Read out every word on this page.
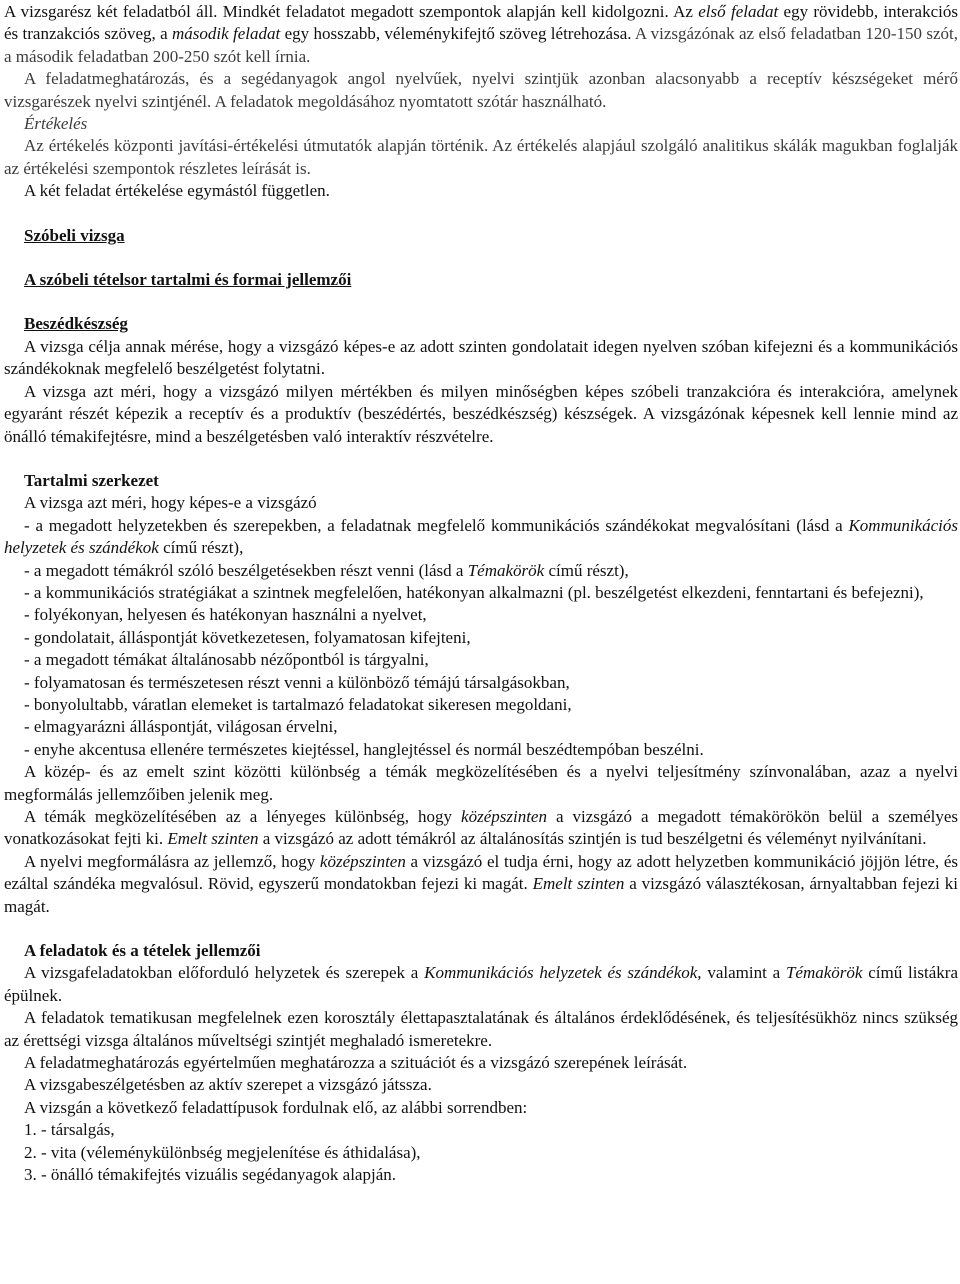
A vizsgarész két feladatból áll. Mindkét feladatot megadott szempontok alapján kell kidolgozni. Az első feladat egy rövidebb, interakciós és tranzakciós szöveg, a második feladat egy hosszabb, véleménykifejtő szöveg létrehozása. A vizsgázónak az első feladatban 120-150 szót, a második feladatban 200-250 szót kell írnia.

A feladatmeghatározás, és a segédanyagok angol nyelvűek, nyelvi szintjük azonban alacsonyabb a receptív készségeket mérő vizsgarészek nyelvi szintjénél. A feladatok megoldásához nyomtatott szótár használható.

Értékelés

Az értékelés központi javítási-értékelési útmutatók alapján történik. Az értékelés alapjául szolgáló analitikus skálák magukban foglalják az értékelési szempontok részletes leírását is.

A két feladat értékelése egymástól független.

Szóbeli vizsga

A szóbeli tételsor tartalmi és formai jellemzői

Beszédkészség

A vizsga célja annak mérése, hogy a vizsgázó képes-e az adott szinten gondolatait idegen nyelven szóban kifejezni és a kommunikációs szándékoknak megfelelő beszélgetést folytatni.

A vizsga azt méri, hogy a vizsgázó milyen mértékben és milyen minőségben képes szóbeli tranzakcióra és interakcióra, amelynek egyaránt részét képezik a receptív és a produktív (beszédértés, beszédkészség) készségek. A vizsgázónak képesnek kell lennie mind az önálló témakifejtésre, mind a beszélgetésben való interaktív részvételre.

Tartalmi szerkezet

A vizsga azt méri, hogy képes-e a vizsgázó

- a megadott helyzetekben és szerepekben, a feladatnak megfelelő kommunikációs szándékokat megvalósítani (lásd a Kommunikációs helyzetek és szándékok című részt),

- a megadott témákról szóló beszélgetésekben részt venni (lásd a Témakörök című részt),

- a kommunikációs stratégiákat a szintnek megfelelően, hatékonyan alkalmazni (pl. beszélgetést elkezdeni, fenntartani és befejezni),

- folyékonyan, helyesen és hatékonyan használni a nyelvet,

- gondolatait, álláspontját következetesen, folyamatosan kifejteni,

- a megadott témákat általánosabb nézőpontból is tárgyalni,

- folyamatosan és természetesen részt venni a különböző témájú társalgásokban,

- bonyolultabb, váratlan elemeket is tartalmazó feladatokat sikeresen megoldani,

- elmagyarázni álláspontját, világosan érvelni,

- enyhe akcentusa ellenére természetes kiejtéssel, hanglejtéssel és normál beszédtempóban beszélni.

A közép- és az emelt szint közötti különbség a témák megközelítésében és a nyelvi teljesítmény színvonalában, azaz a nyelvi megformálás jellemzőiben jelenik meg.

A témák megközelítésében az a lényeges különbség, hogy középszinten a vizsgázó a megadott témakörökön belül a személyes vonatkozásokat fejti ki. Emelt szinten a vizsgázó az adott témákról az általánosítás szintjén is tud beszélgetni és véleményt nyilvánítani.

A nyelvi megformálásra az jellemző, hogy középszinten a vizsgázó el tudja érni, hogy az adott helyzetben kommunikáció jöjjön létre, és ezáltal szándéka megvalósul. Rövid, egyszerű mondatokban fejezi ki magát. Emelt szinten a vizsgázó választékosan, árnyaltabban fejezi ki magát.

A feladatok és a tételek jellemzői

A vizsgafeladatokban előforduló helyzetek és szerepek a Kommunikációs helyzetek és szándékok, valamint a Témakörök című listákra épülnek.

A feladatok tematikusan megfelelnek ezen korosztály élettapasztalatának és általános érdeklődésének, és teljesítésükhöz nincs szükség az érettségi vizsga általános műveltségi szintjét meghaladó ismeretekre.

A feladatmeghatározás egyértelműen meghatározza a szituációt és a vizsgázó szerepének leírását.

A vizsgabeszélgetésben az aktív szerepet a vizsgázó játssza.

A vizsgán a következő feladattípusok fordulnak elő, az alábbi sorrendben:

1. - társalgás,

2. - vita (véleménykülönbség megjelenítése és áthidalása),

3. - önálló témakifejtés vizuális segédanyagok alapján.
